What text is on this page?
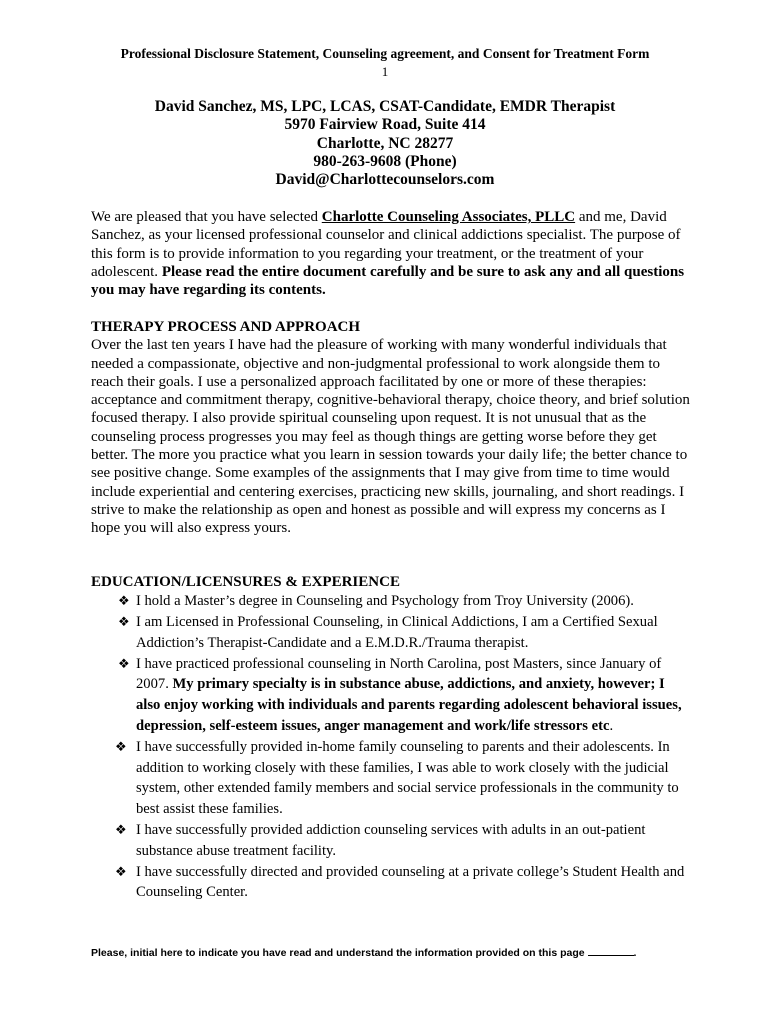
Professional Disclosure Statement, Counseling agreement, and Consent for Treatment Form
1
David Sanchez, MS, LPC, LCAS, CSAT-Candidate, EMDR Therapist
5970 Fairview Road, Suite 414
Charlotte, NC 28277
980-263-9608 (Phone)
David@Charlottecounselors.com
We are pleased that you have selected Charlotte Counseling Associates, PLLC and me, David Sanchez, as your licensed professional counselor and clinical addictions specialist. The purpose of this form is to provide information to you regarding your treatment, or the treatment of your adolescent. Please read the entire document carefully and be sure to ask any and all questions you may have regarding its contents.
THERAPY PROCESS AND APPROACH
Over the last ten years I have had the pleasure of working with many wonderful individuals that needed a compassionate, objective and non-judgmental professional to work alongside them to reach their goals. I use a personalized approach facilitated by one or more of these therapies: acceptance and commitment therapy, cognitive-behavioral therapy, choice theory, and brief solution focused therapy. I also provide spiritual counseling upon request. It is not unusual that as the counseling process progresses you may feel as though things are getting worse before they get better. The more you practice what you learn in session towards your daily life; the better chance to see positive change. Some examples of the assignments that I may give from time to time would include experiential and centering exercises, practicing new skills, journaling, and short readings. I strive to make the relationship as open and honest as possible and will express my concerns as I hope you will also express yours.
EDUCATION/LICENSURES & EXPERIENCE
❖ I hold a Master’s degree in Counseling and Psychology from Troy University (2006).
❖ I am Licensed in Professional Counseling, in Clinical Addictions, I am a Certified Sexual Addiction’s Therapist-Candidate and a E.M.D.R./Trauma therapist.
❖ I have practiced professional counseling in North Carolina, post Masters, since January of 2007. My primary specialty is in substance abuse, addictions, and anxiety, however; I also enjoy working with individuals and parents regarding adolescent behavioral issues, depression, self-esteem issues, anger management and work/life stressors etc.
❖ I have successfully provided in-home family counseling to parents and their adolescents. In addition to working closely with these families, I was able to work closely with the judicial system, other extended family members and social service professionals in the community to best assist these families.
❖ I have successfully provided addiction counseling services with adults in an out-patient substance abuse treatment facility.
❖ I have successfully directed and provided counseling at a private college’s Student Health and Counseling Center.
Please, initial here to indicate you have read and understand the information provided on this page	.
